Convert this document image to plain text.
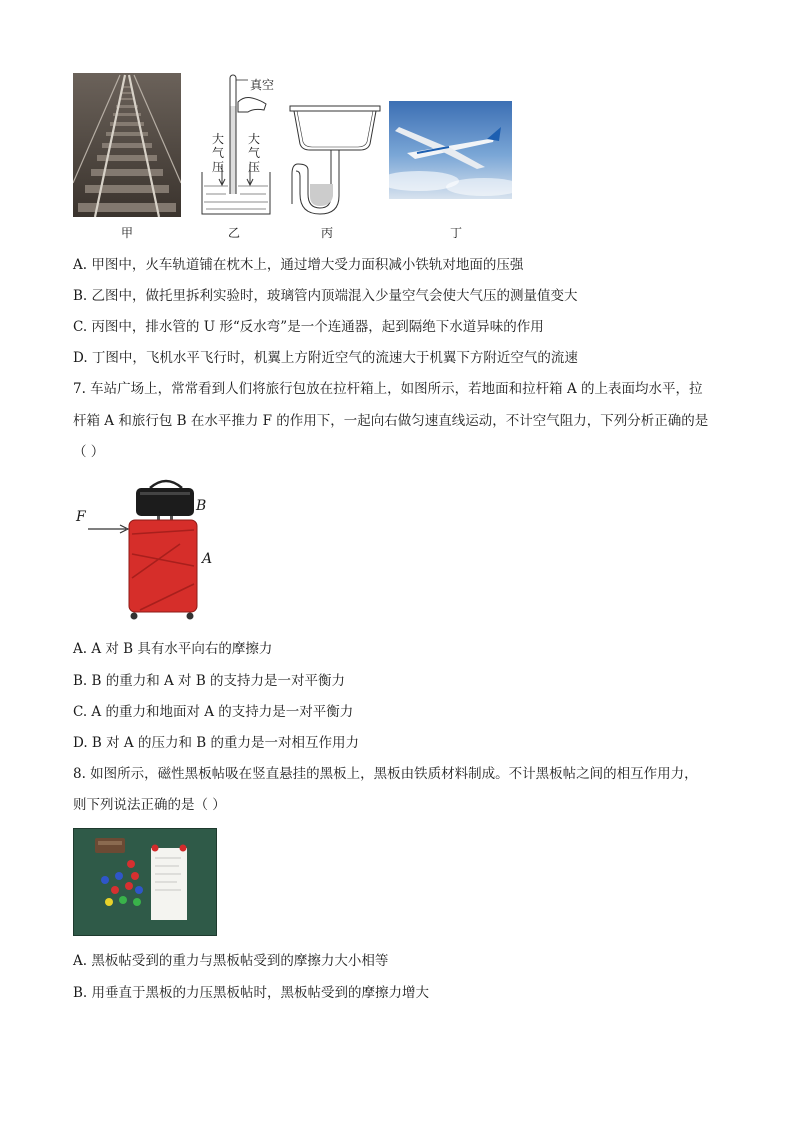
甲
真空
大
气
压
大
气
压
乙	丙	丁
A. 甲图中，火车轨道铺在枕木上，通过增大受力面积减小铁轨对地面的压强
B. 乙图中，做托里拆利实验时，玻璃管内顶端混入少量空气会使大气压的测量值变大
C. 丙图中，排水管的 U 形“反水弯”是一个连通器，起到隔绝下水道异味的作用
D. 丁图中，飞机水平飞行时，机翼上方附近空气的流速大于机翼下方附近空气的流速
7. 车站广场上，常常看到人们将旅行包放在拉杆箱上，如图所示，若地面和拉杆箱 A 的上表面均水平，拉
杆箱 A 和旅行包 B 在水平推力 F 的作用下，一起向右做匀速直线运动，不计空气阻力，下列分析正确的是
（ ）
F
B
A
A. A 对 B 具有水平向右的摩擦力
B. B 的重力和 A 对 B 的支持力是一对平衡力
C. A 的重力和地面对 A 的支持力是一对平衡力
D. B 对 A 的压力和 B 的重力是一对相互作用力
8. 如图所示，磁性黑板帖吸在竖直悬挂的黑板上，黑板由铁质材料制成。不计黑板帖之间的相互作用力，
则下列说法正确的是（ ）
A. 黑板帖受到的重力与黑板帖受到的摩擦力大小相等
B. 用垂直于黑板的力压黑板帖时，黑板帖受到的摩擦力增大
